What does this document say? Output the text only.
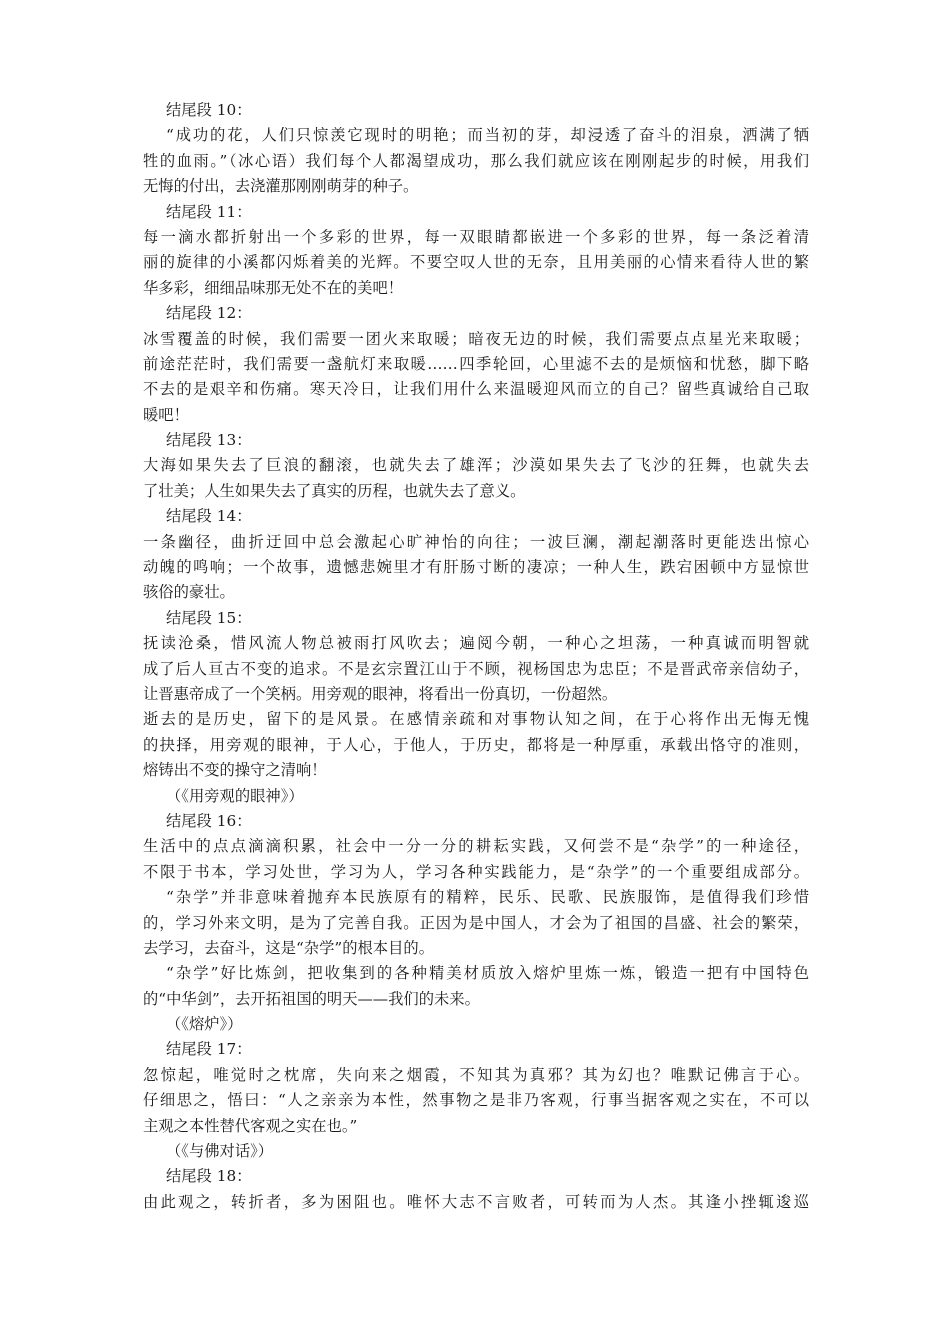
结尾段 10：
“成功的花，人们只惊羡它现时的明艳；而当初的芽，却浸透了奋斗的泪泉，洒满了牺
牲的血雨。”（冰心语）我们每个人都渴望成功，那么我们就应该在刚刚起步的时候，用我们
无悔的付出，去浇灌那刚刚萌芽的种子。
结尾段 11：
每一滴水都折射出一个多彩的世界，每一双眼睛都嵌进一个多彩的世界，每一条泛着清
丽的旋律的小溪都闪烁着美的光辉。不要空叹人世的无奈，且用美丽的心情来看待人世的繁
华多彩，细细品味那无处不在的美吧！
结尾段 12：
冰雪覆盖的时候，我们需要一团火来取暖；暗夜无边的时候，我们需要点点星光来取暖；
前途茫茫时，我们需要一盏航灯来取暖……四季轮回，心里滤不去的是烦恼和忧愁，脚下略
不去的是艰辛和伤痛。寒天冷日，让我们用什么来温暖迎风而立的自己？留些真诚给自己取
暖吧！
结尾段 13：
大海如果失去了巨浪的翻滚，也就失去了雄浑；沙漠如果失去了飞沙的狂舞，也就失去
了壮美；人生如果失去了真实的历程，也就失去了意义。
结尾段 14：
一条幽径，曲折迂回中总会激起心旷神怡的向往；一波巨澜，潮起潮落时更能迭出惊心
动魄的鸣响；一个故事，遗憾悲婉里才有肝肠寸断的凄凉；一种人生，跌宕困顿中方显惊世
骇俗的豪壮。
结尾段 15：
抚读沧桑，惜风流人物总被雨打风吹去；遍阅今朝，一种心之坦荡，一种真诚而明智就
成了后人亘古不变的追求。不是玄宗置江山于不顾，视杨国忠为忠臣；不是晋武帝亲信幼子，
让晋惠帝成了一个笑柄。用旁观的眼神，将看出一份真切，一份超然。
逝去的是历史，留下的是风景。在感情亲疏和对事物认知之间，在于心将作出无悔无愧
的抉择，用旁观的眼神，于人心，于他人，于历史，都将是一种厚重，承载出恪守的准则，
熔铸出不变的操守之清响！
（《用旁观的眼神》）
结尾段 16：
生活中的点点滴滴积累，社会中一分一分的耕耘实践，又何尝不是“杂学”的一种途径，
不限于书本，学习处世，学习为人，学习各种实践能力，是“杂学”的一个重要组成部分。
“杂学”并非意味着抛弃本民族原有的精粹，民乐、民歌、民族服饰，是值得我们珍惜
的，学习外来文明，是为了完善自我。正因为是中国人，才会为了祖国的昌盛、社会的繁荣，
去学习，去奋斗，这是“杂学”的根本目的。
“杂学”好比炼剑，把收集到的各种精美材质放入熔炉里炼一炼，锻造一把有中国特色
的“中华剑”，去开拓祖国的明天——我们的未来。
（《熔炉》）
结尾段 17：
忽惊起，唯觉时之枕席，失向来之烟霞，不知其为真邪？其为幻也？唯默记佛言于心。
仔细思之，悟曰：“人之亲亲为本性，然事物之是非乃客观，行事当据客观之实在，不可以
主观之本性替代客观之实在也。”
（《与佛对话》）
结尾段 18：
由此观之，转折者，多为困阻也。唯怀大志不言败者，可转而为人杰。其逢小挫辄逡巡
